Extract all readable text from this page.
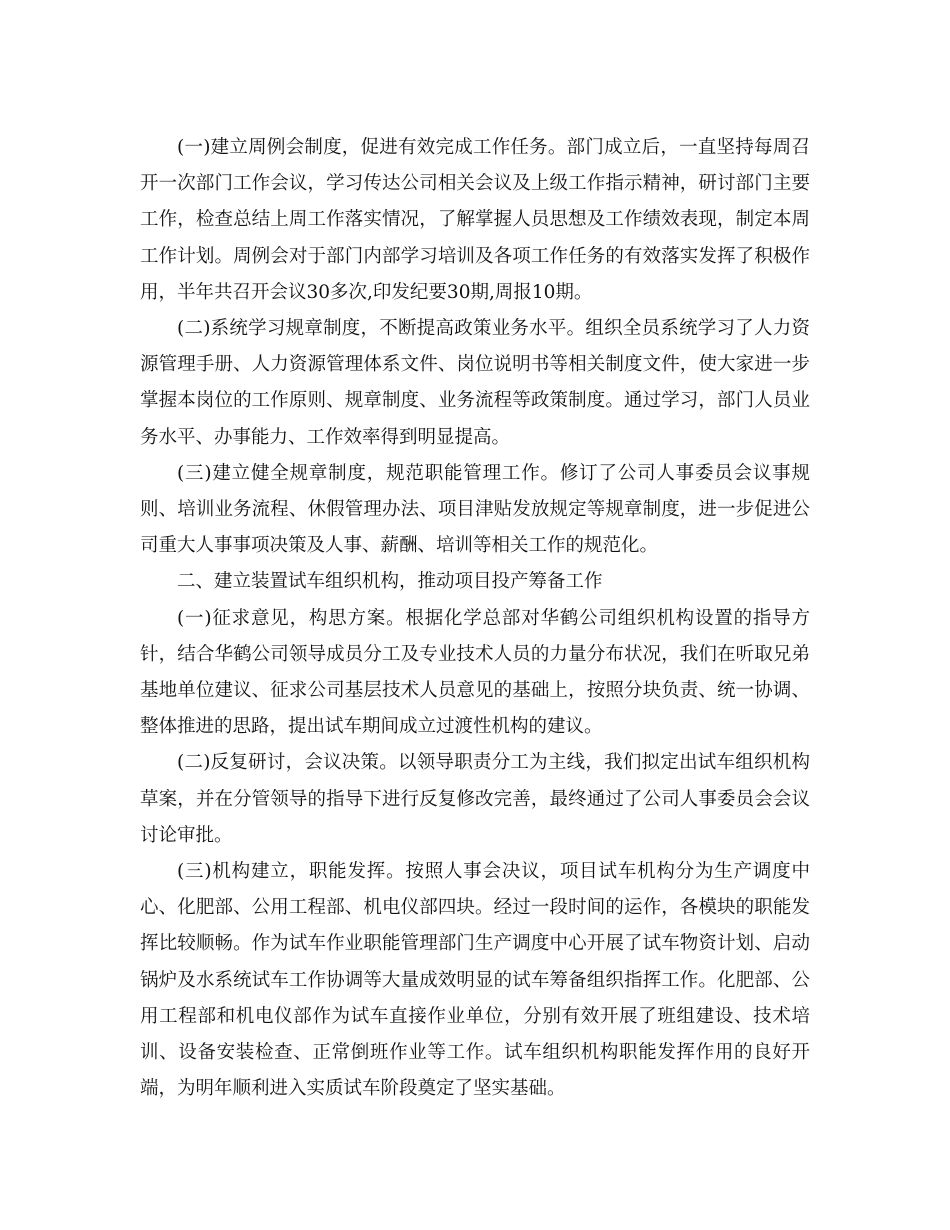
(一)建立周例会制度，促进有效完成工作任务。部门成立后，一直坚持每周召开一次部门工作会议，学习传达公司相关会议及上级工作指示精神，研讨部门主要工作，检查总结上周工作落实情况，了解掌握人员思想及工作绩效表现，制定本周工作计划。周例会对于部门内部学习培训及各项工作任务的有效落实发挥了积极作用，半年共召开会议30多次,印发纪要30期,周报10期。

(二)系统学习规章制度，不断提高政策业务水平。组织全员系统学习了人力资源管理手册、人力资源管理体系文件、岗位说明书等相关制度文件，使大家进一步掌握本岗位的工作原则、规章制度、业务流程等政策制度。通过学习，部门人员业务水平、办事能力、工作效率得到明显提高。

(三)建立健全规章制度，规范职能管理工作。修订了公司人事委员会议事规则、培训业务流程、休假管理办法、项目津贴发放规定等规章制度，进一步促进公司重大人事事项决策及人事、薪酬、培训等相关工作的规范化。

二、建立装置试车组织机构，推动项目投产筹备工作

(一)征求意见，构思方案。根据化学总部对华鹤公司组织机构设置的指导方针，结合华鹤公司领导成员分工及专业技术人员的力量分布状况，我们在听取兄弟基地单位建议、征求公司基层技术人员意见的基础上，按照分块负责、统一协调、整体推进的思路，提出试车期间成立过渡性机构的建议。

(二)反复研讨，会议决策。以领导职责分工为主线，我们拟定出试车组织机构草案，并在分管领导的指导下进行反复修改完善，最终通过了公司人事委员会会议讨论审批。

(三)机构建立，职能发挥。按照人事会决议，项目试车机构分为生产调度中心、化肥部、公用工程部、机电仪部四块。经过一段时间的运作，各模块的职能发挥比较顺畅。作为试车作业职能管理部门生产调度中心开展了试车物资计划、启动锅炉及水系统试车工作协调等大量成效明显的试车筹备组织指挥工作。化肥部、公用工程部和机电仪部作为试车直接作业单位，分别有效开展了班组建设、技术培训、设备安装检查、正常倒班作业等工作。试车组织机构职能发挥作用的良好开端，为明年顺利进入实质试车阶段奠定了坚实基础。
